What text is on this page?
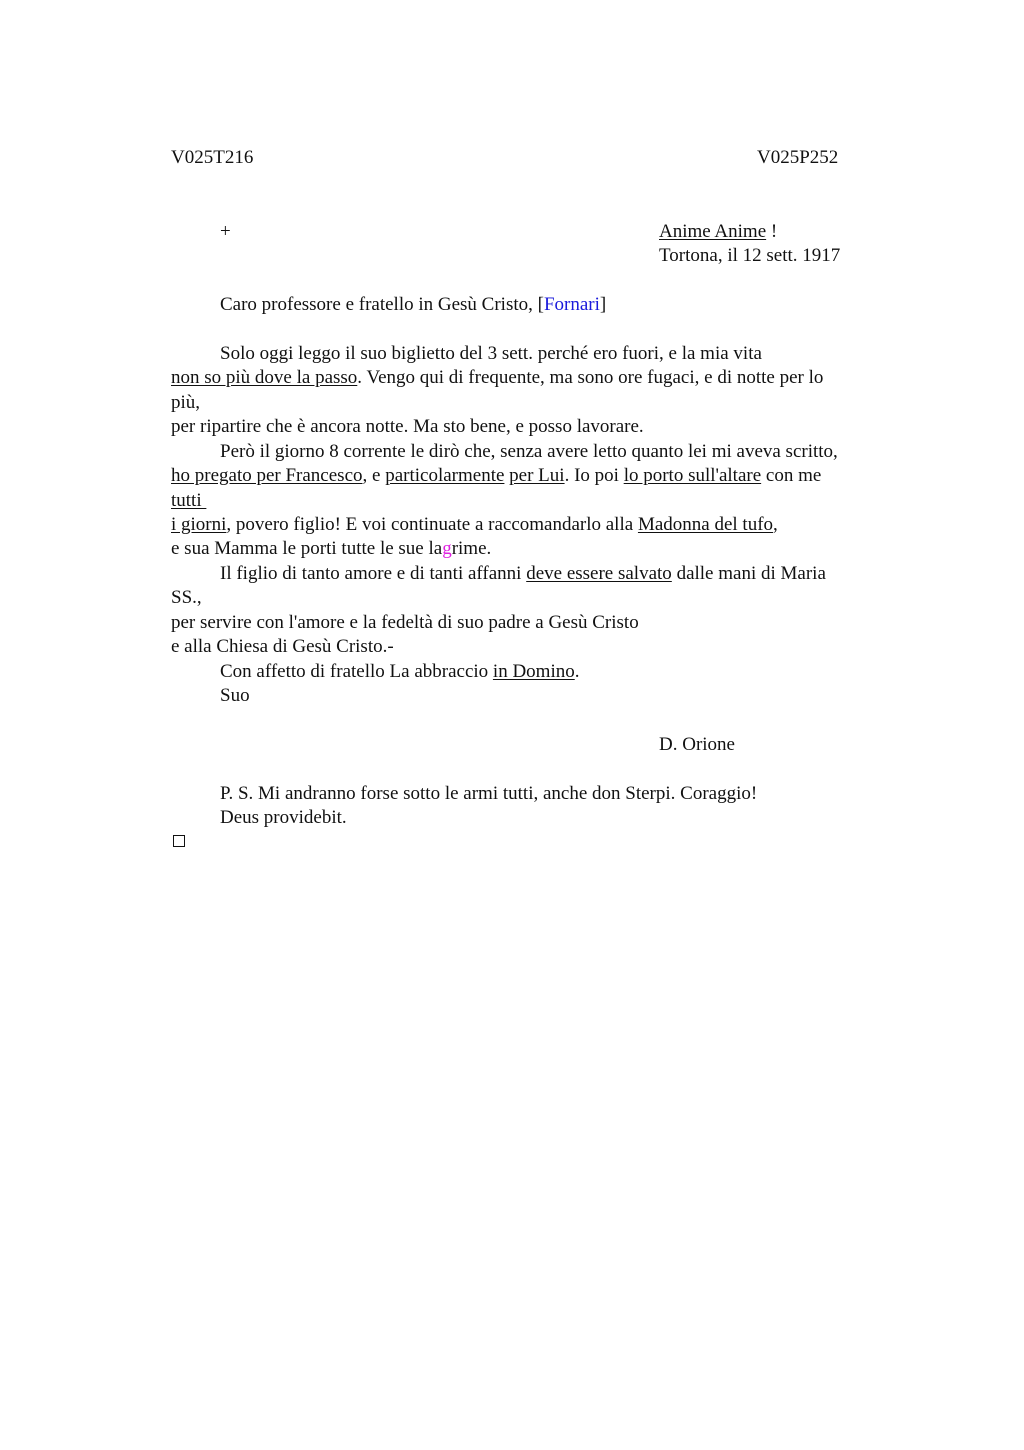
V025T216	V025P252
+	Anime Anime !
Tortona, il 12 sett. 1917
Caro professore e fratello in Gesù Cristo, [Fornari]
Solo oggi leggo il suo biglietto del 3 sett. perché ero fuori, e la mia vita
non so più dove la passo. Vengo qui di frequente, ma sono ore fugaci, e di notte per lo
più,
per ripartire che è ancora notte. Ma sto bene, e posso lavorare.
Però il giorno 8 corrente le dirò che, senza avere letto quanto lei mi aveva scritto,
ho pregato per Francesco, e particolarmente per Lui. Io poi lo porto sull'altare con me
tutti
i giorni, povero figlio! E voi continuate a raccomandarlo alla Madonna del tufo,
e sua Mamma le porti tutte le sue lagrime.
Il figlio di tanto amore e di tanti affanni deve essere salvato dalle mani di Maria
SS.,
per servire con l'amore e la fedeltà di suo padre a Gesù Cristo
e alla Chiesa di Gesù Cristo.-
Con affetto di fratello La abbraccio in Domino.
Suo
D. Orione
P. S. Mi andranno forse sotto le armi tutti, anche don Sterpi. Coraggio!
Deus providebit.
